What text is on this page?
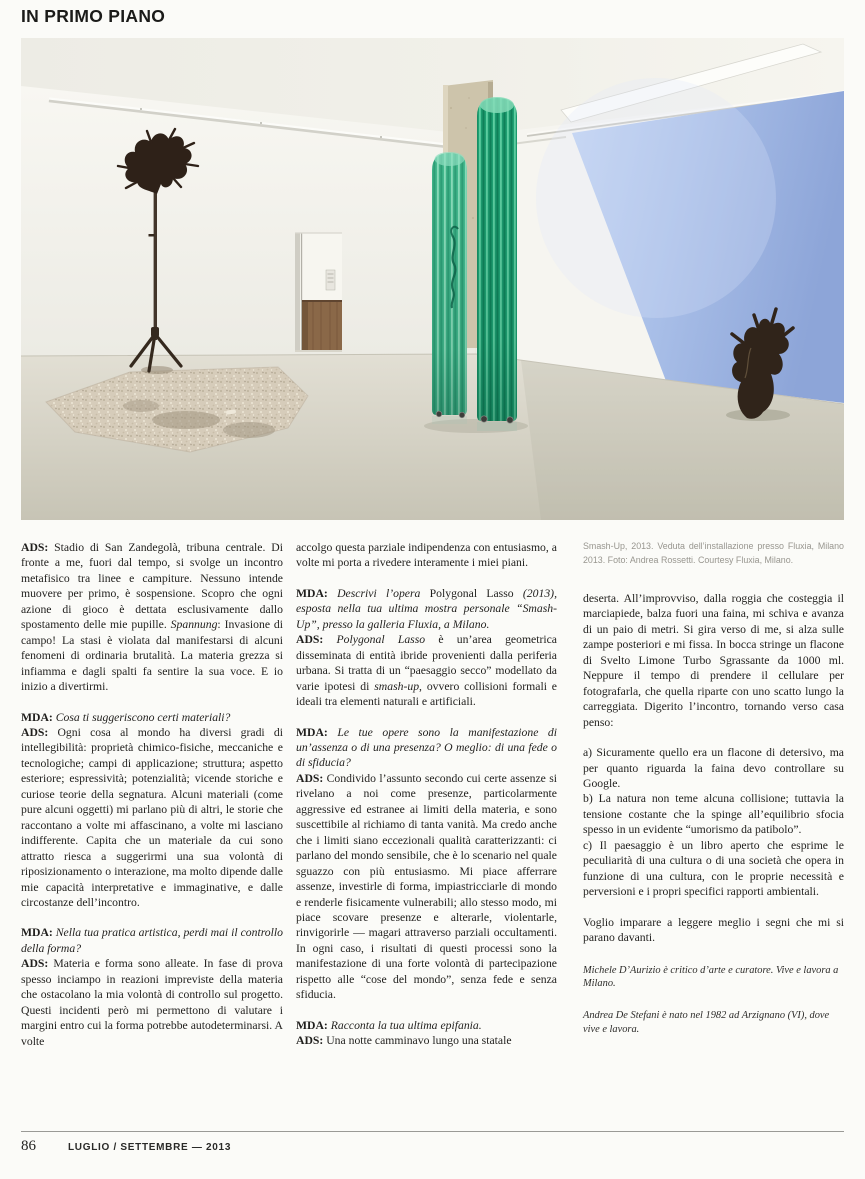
IN PRIMO PIANO

ADS: Stadio di San Zandegolà, tribuna centrale. Di fronte a me, fuori dal tempo, si svolge un incontro metafisico tra linee e campiture. Nessuno intende muovere per primo, è sospensione. Scopro che ogni azione di gioco è dettata esclusivamente dallo spostamento delle mie pupille. Spannung: Invasione di campo! La stasi è violata dal manifestarsi di alcuni fenomeni di ordinaria brutalità. La materia grezza si infiamma e dagli spalti fa sentire la sua voce. E io inizio a divertirmi.

MDA: Cosa ti suggeriscono certi materiali?

ADS: Ogni cosa al mondo ha diversi gradi di intellegibilità: proprietà chimico-fisiche, meccaniche e tecnologiche; campi di applicazione; struttura; aspetto esteriore; espressività; potenzialità; vicende storiche e curiose teorie della segnatura. Alcuni materiali (come pure alcuni oggetti) mi parlano più di altri, le storie che raccontano a volte mi affascinano, a volte mi lasciano indifferente. Capita che un materiale da cui sono attratto riesca a suggerirmi una sua volontà di riposizionamento o interazione, ma molto dipende dalle mie capacità interpretative e immaginative, e dalle circostanze dell’incontro.

MDA: Nella tua pratica artistica, perdi mai il controllo della forma?

ADS: Materia e forma sono alleate. In fase di prova spesso inciampo in reazioni impreviste della materia che ostacolano la mia volontà di controllo sul progetto. Questi incidenti però mi permettono di valutare i margini entro cui la forma potrebbe autodeterminarsi. A volte

accolgo questa parziale indipendenza con entusiasmo, a volte mi porta a rivedere interamente i miei piani.

MDA: Descrivi l’opera Polygonal Lasso (2013), esposta nella tua ultima mostra personale “Smash-Up”, presso la galleria Fluxia, a Milano.

ADS: Polygonal Lasso è un’area geometrica disseminata di entità ibride provenienti dalla periferia urbana. Si tratta di un “paesaggio secco” modellato da varie ipotesi di smash-up, ovvero collisioni formali e ideali tra elementi naturali e artificiali.

MDA: Le tue opere sono la manifestazione di un’assenza o di una presenza? O meglio: di una fede o di sfiducia?

ADS: Condivido l’assunto secondo cui certe assenze si rivelano a noi come presenze, particolarmente aggressive ed estranee ai limiti della materia, e sono suscettibile al richiamo di tanta vanità. Ma credo anche che i limiti siano eccezionali qualità caratterizzanti: ci parlano del mondo sensibile, che è lo scenario nel quale sguazzo con più entusiasmo. Mi piace afferrare assenze, investirle di forma, impiastricciarle di mondo e renderle fisicamente vulnerabili; allo stesso modo, mi piace scovare presenze e alterarle, violentarle, rinvigorirle — magari attraverso parziali occultamenti. In ogni caso, i risultati di questi processi sono la manifestazione di una forte volontà di partecipazione rispetto alle “cose del mondo”, senza fede e senza sfiducia.

MDA: Racconta la tua ultima epifania.

ADS: Una notte camminavo lungo una statale

Smash-Up, 2013. Veduta dell’installazione presso Fluxia, Milano 2013. Foto: Andrea Rossetti. Courtesy Fluxia, Milano.

deserta. All’improvviso, dalla roggia che costeggia il marciapiede, balza fuori una faina, mi schiva e avanza di un paio di metri. Si gira verso di me, si alza sulle zampe posteriori e mi fissa. In bocca stringe un flacone di Svelto Limone Turbo Sgrassante da 1000 ml. Neppure il tempo di prendere il cellulare per fotografarla, che quella riparte con uno scatto lungo la carreggiata. Digerito l’incontro, tornando verso casa penso:

a) Sicuramente quello era un flacone di detersivo, ma per quanto riguarda la faina devo controllare su Google.

b) La natura non teme alcuna collisione; tuttavia la tensione costante che la spinge all’equilibrio sfocia spesso in un evidente “umorismo da patibolo”.

c) Il paesaggio è un libro aperto che esprime le peculiarità di una cultura o di una società che opera in funzione di una cultura, con le proprie necessità e perversioni e i propri specifici rapporti ambientali.

Voglio imparare a leggere meglio i segni che mi si parano davanti.

Michele D’Aurizio è critico d’arte e curatore. Vive e lavora a Milano.

Andrea De Stefani è nato nel 1982 ad Arzignano (VI), dove vive e lavora.

86	LUGLIO / SETTEMBRE — 2013
